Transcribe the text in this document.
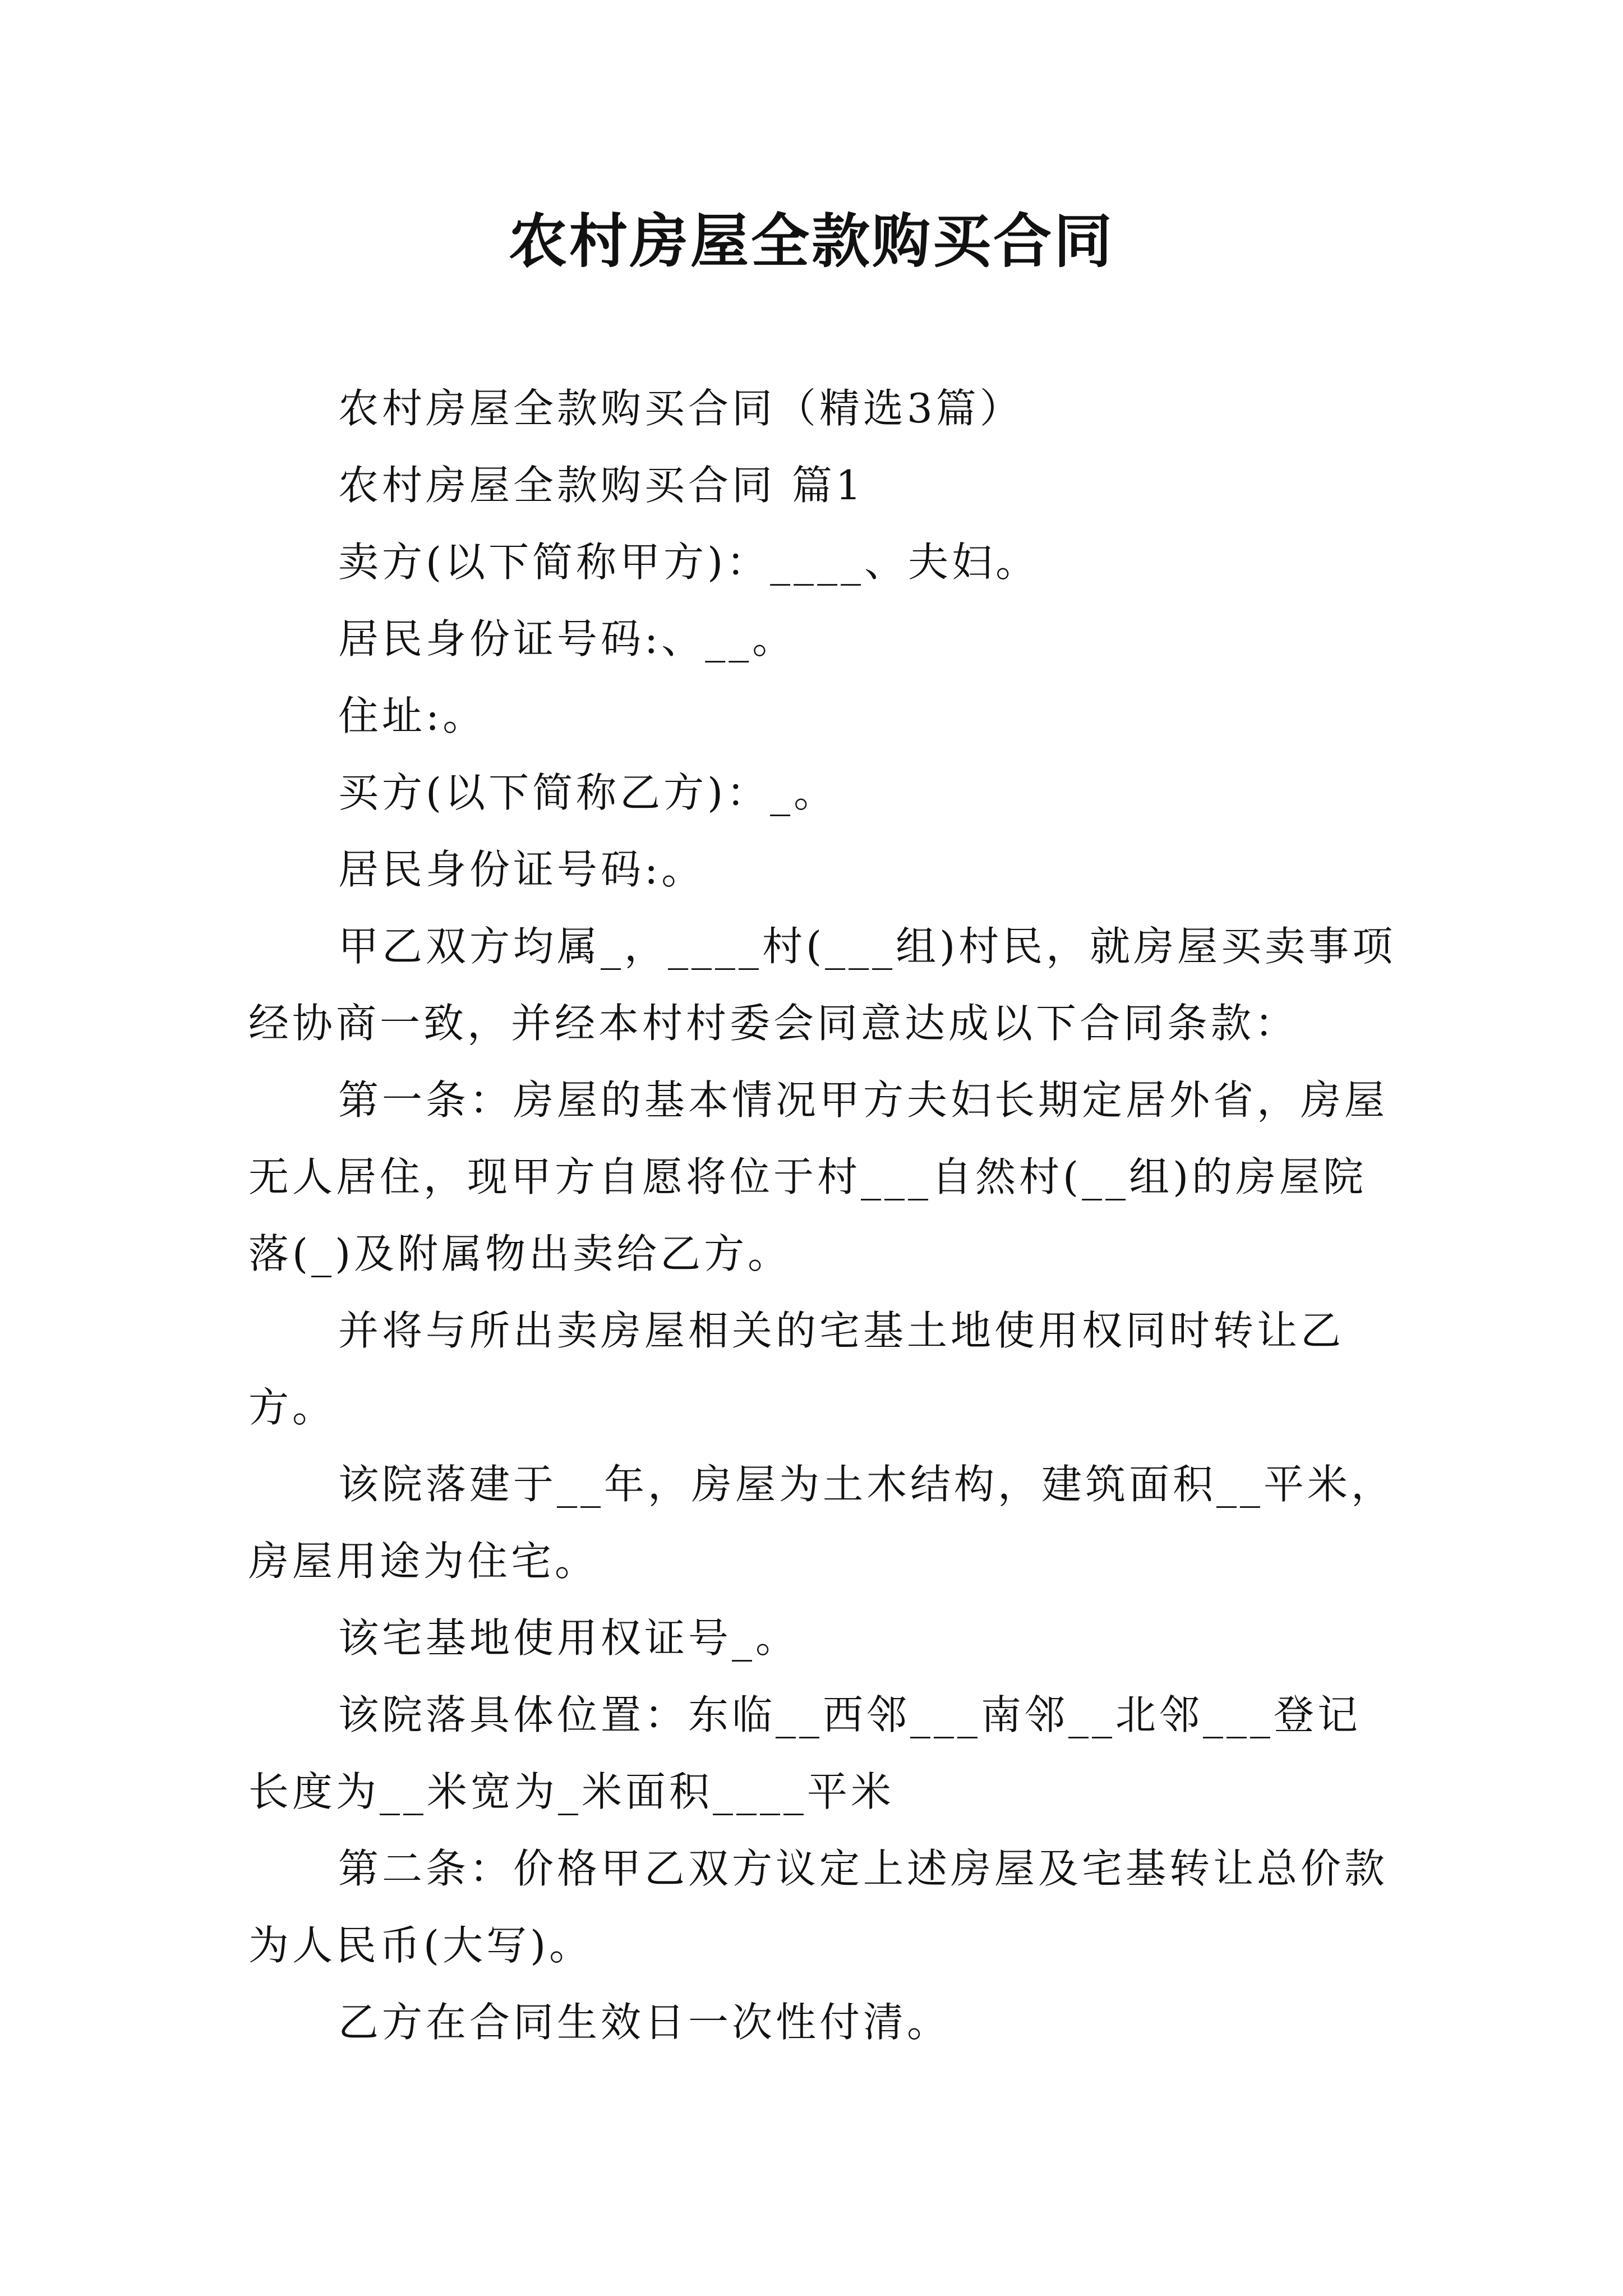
农村房屋全款购买合同

农村房屋全款购买合同（精选3篇）

农村房屋全款购买合同 篇1

卖方(以下简称甲方)：____、夫妇。

居民身份证号码:、__。

住址:。

买方(以下简称乙方)：_。

居民身份证号码:。

甲乙双方均属_，____村(___组)村民，就房屋买卖事项经协商一致，并经本村村委会同意达成以下合同条款：

第一条：房屋的基本情况甲方夫妇长期定居外省，房屋无人居住，现甲方自愿将位于村___自然村(__组)的房屋院落(_)及附属物出卖给乙方。

并将与所出卖房屋相关的宅基土地使用权同时转让乙方。

该院落建于__年，房屋为土木结构，建筑面积__平米，房屋用途为住宅。

该宅基地使用权证号_。

该院落具体位置：东临__西邻___南邻__北邻___登记长度为__米宽为_米面积____平米

第二条：价格甲乙双方议定上述房屋及宅基转让总价款为人民币(大写)。

乙方在合同生效日一次性付清。
